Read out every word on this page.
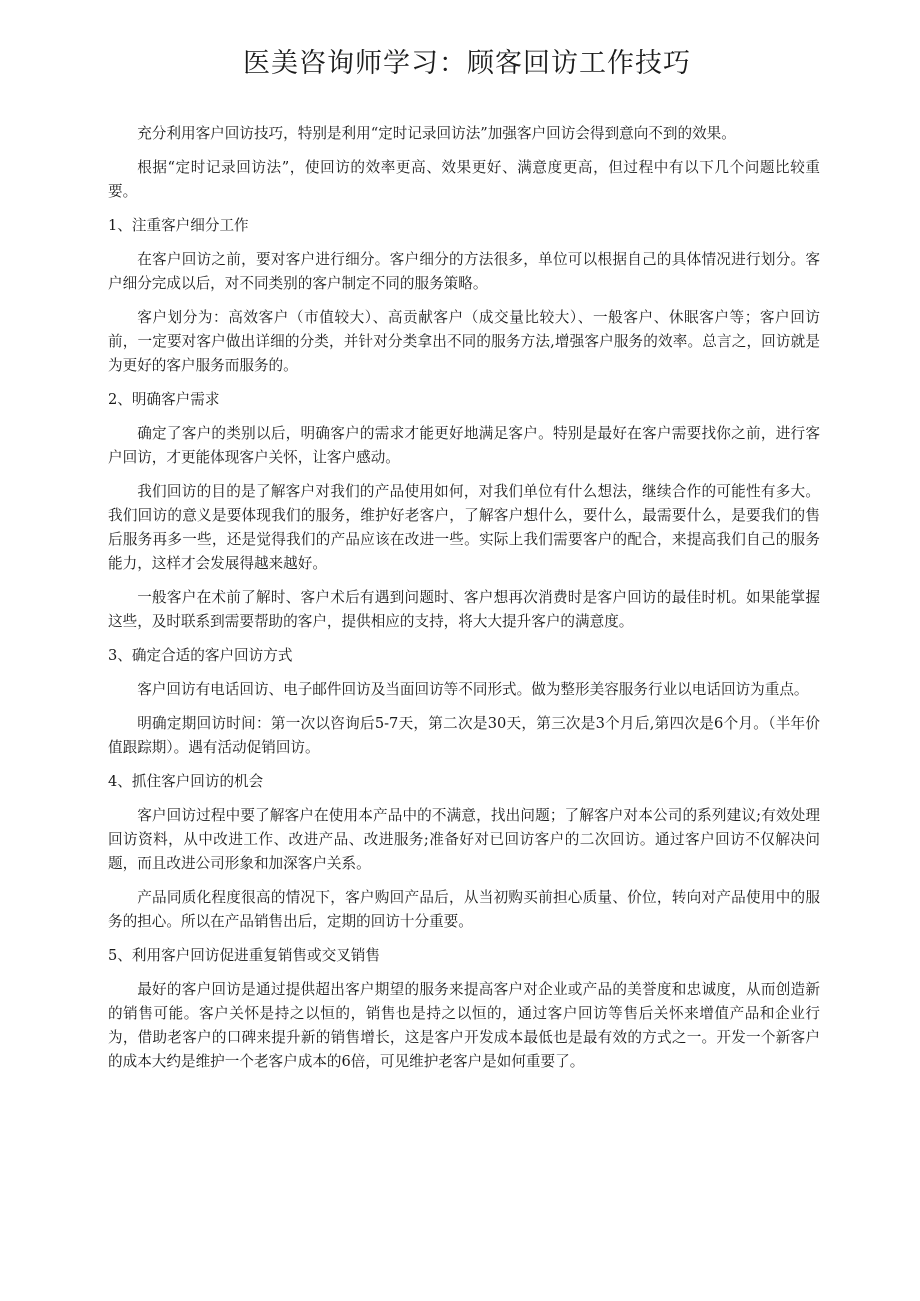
医美咨询师学习：顾客回访工作技巧

充分利用客户回访技巧，特别是利用“定时记录回访法”加强客户回访会得到意向不到的效果。

根据“定时记录回访法”，使回访的效率更高、效果更好、满意度更高，但过程中有以下几个问题比较重要。

1、注重客户细分工作

在客户回访之前，要对客户进行细分。客户细分的方法很多，单位可以根据自己的具体情况进行划分。客户细分完成以后，对不同类别的客户制定不同的服务策略。

客户划分为：高效客户（市值较大）、高贡献客户（成交量比较大）、一般客户、休眠客户等；客户回访前，一定要对客户做出详细的分类，并针对分类拿出不同的服务方法,增强客户服务的效率。总言之，回访就是为更好的客户服务而服务的。

2、明确客户需求

确定了客户的类别以后，明确客户的需求才能更好地满足客户。特别是最好在客户需要找你之前，进行客户回访，才更能体现客户关怀，让客户感动。

我们回访的目的是了解客户对我们的产品使用如何，对我们单位有什么想法，继续合作的可能性有多大。我们回访的意义是要体现我们的服务，维护好老客户，了解客户想什么，要什么，最需要什么，是要我们的售后服务再多一些，还是觉得我们的产品应该在改进一些。实际上我们需要客户的配合，来提高我们自己的服务能力，这样才会发展得越来越好。

一般客户在术前了解时、客户术后有遇到问题时、客户想再次消费时是客户回访的最佳时机。如果能掌握这些，及时联系到需要帮助的客户，提供相应的支持，将大大提升客户的满意度。

3、确定合适的客户回访方式

客户回访有电话回访、电子邮件回访及当面回访等不同形式。做为整形美容服务行业以电话回访为重点。

明确定期回访时间：第一次以咨询后5-7天，第二次是30天，第三次是3个月后,第四次是6个月。（半年价值跟踪期）。遇有活动促销回访。

4、抓住客户回访的机会

客户回访过程中要了解客户在使用本产品中的不满意，找出问题；了解客户对本公司的系列建议;有效处理回访资料，从中改进工作、改进产品、改进服务;准备好对已回访客户的二次回访。通过客户回访不仅解决问题，而且改进公司形象和加深客户关系。

产品同质化程度很高的情况下，客户购回产品后，从当初购买前担心质量、价位，转向对产品使用中的服务的担心。所以在产品销售出后，定期的回访十分重要。

5、利用客户回访促进重复销售或交叉销售

最好的客户回访是通过提供超出客户期望的服务来提高客户对企业或产品的美誉度和忠诚度，从而创造新的销售可能。客户关怀是持之以恒的，销售也是持之以恒的，通过客户回访等售后关怀来增值产品和企业行为，借助老客户的口碑来提升新的销售增长，这是客户开发成本最低也是最有效的方式之一。开发一个新客户的成本大约是维护一个老客户成本的6倍，可见维护老客户是如何重要了。
